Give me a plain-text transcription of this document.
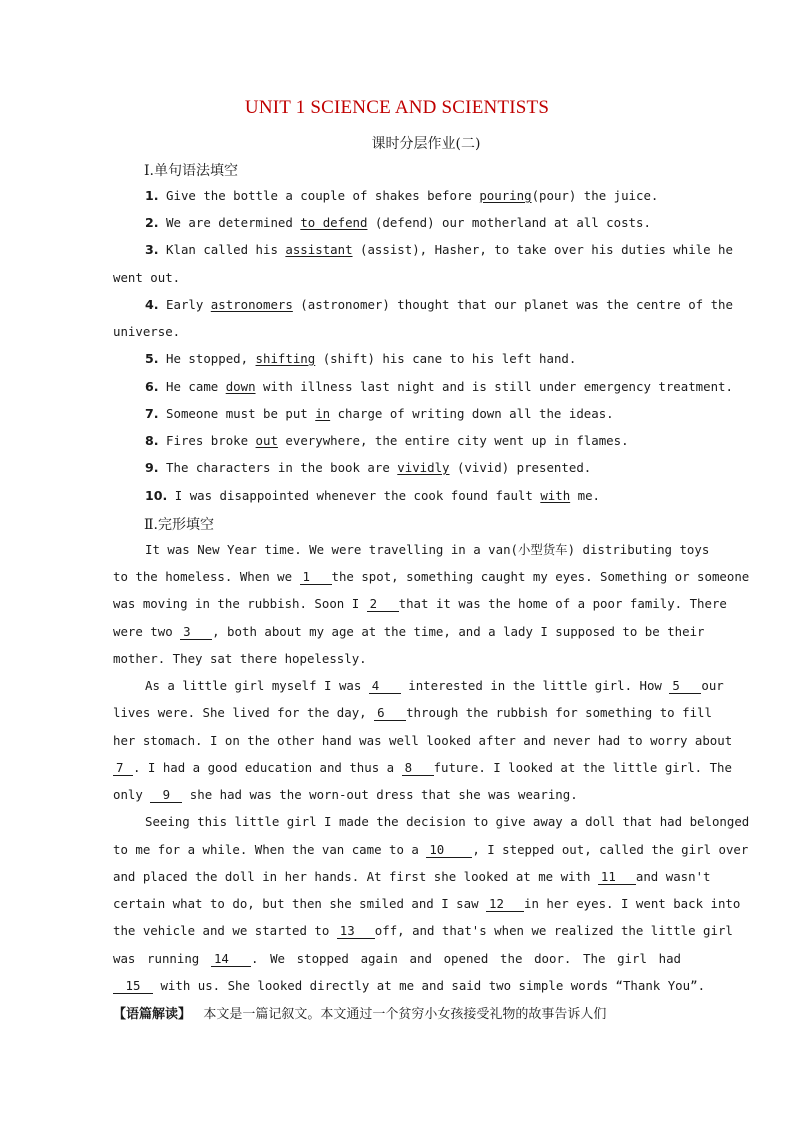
UNIT 1 SCIENCE AND SCIENTISTS
课时分层作业(二)
Ⅰ.单句语法填空
1. Give the bottle a couple of shakes before pouring(pour) the juice.
2. We are determined to defend (defend) our motherland at all costs.
3. Klan called his assistant (assist), Hasher, to take over his duties while he
went out.
4. Early astronomers (astronomer) thought that our planet was the centre of the
universe.
5. He stopped, shifting (shift) his cane to his left hand.
6. He came down with illness last night and is still under emergency treatment.
7. Someone must be put in charge of writing down all the ideas.
8. Fires broke out everywhere, the entire city went up in flames.
9. The characters in the book are vividly (vivid) presented.
10. I was disappointed whenever the cook found fault with me.
Ⅱ.完形填空
It was New Year time. We were travelling in a van(小型货车) distributing toys
to the homeless. When we 1 the spot, something caught my eyes. Something or someone
was moving in the rubbish. Soon I 2 that it was the home of a poor family. There
were two 3 , both about my age at the time, and a lady I supposed to be their
mother. They sat there hopelessly.
As a little girl myself I was 4 interested in the little girl. How 5 our
lives were. She lived for the day, 6 through the rubbish for something to fill
her stomach. I on the other hand was well looked after and never had to worry about
7 . I had a good education and thus a 8 future. I looked at the little girl. The
only 9 she had was the worn-out dress that she was wearing.
Seeing this little girl I made the decision to give away a doll that had belonged
to me for a while. When the van came to a 10 , I stepped out, called the girl over
and placed the doll in her hands. At first she looked at me with 11 and wasn't
certain what to do, but then she smiled and I saw 12 in her eyes. I went back into
the vehicle and we started to 13 off, and that's when we realized the little girl
was running 14 . We stopped again and opened the door. The girl had
15 with us. She looked directly at me and said two simple words “Thank You”.
【语篇解读】 本文是一篇记叙文。本文通过一个贫穷小女孩接受礼物的故事告诉人们
